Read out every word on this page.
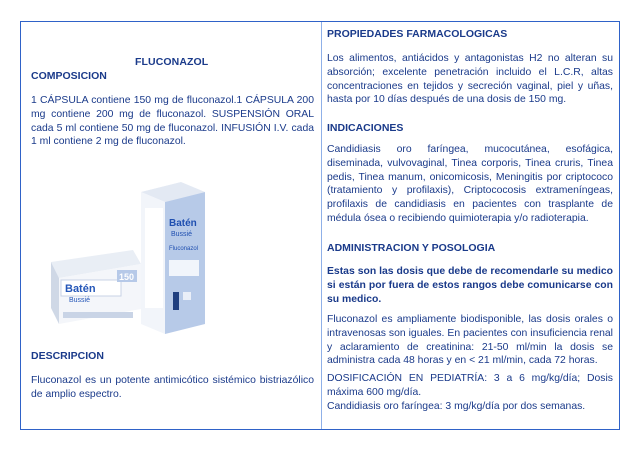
FLUCONAZOL
COMPOSICION
1 CÁPSULA contiene 150 mg de fluconazol.1 CÁPSULA 200 mg contiene 200 mg de fluconazol. SUSPENSIÓN ORAL cada 5 ml contiene 50 mg de fluconazol. INFUSIÓN I.V. cada 1 ml contiene 2 mg de fluconazol.
Batén
Bussié
150
Batén
Bussié
Fluconazol
DESCRIPCION
Fluconazol es un potente antimicótico sistémico bistriazólico de amplio espectro.
PROPIEDADES FARMACOLOGICAS
Los alimentos, antiácidos y antagonistas H2 no alteran su absorción; excelente penetración incluido el L.C.R, altas concentraciones en tejidos y secreción vaginal, piel y uñas, hasta por 10 días después de una dosis de 150 mg.
INDICACIONES
Candidiasis oro faríngea, mucocutánea, esofágica, diseminada, vulvovaginal, Tinea corporis, Tinea cruris, Tinea pedis, Tinea manum, onicomicosis, Meningitis por criptococo (tratamiento y profilaxis), Criptococosis extrameníngeas, profilaxis de candidiasis en pacientes con trasplante de médula ósea o recibiendo quimioterapia y/o radioterapia.
ADMINISTRACION Y POSOLOGIA
Estas son las dosis que debe de recomendarle su medico si están por fuera de estos rangos debe comunicarse con su medico.
Fluconazol es ampliamente biodisponible, las dosis orales o intravenosas son iguales. En pacientes con insuficiencia renal y aclaramiento de creatinina: 21-50 ml/min la dosis se administra cada 48 horas y en < 21 ml/min, cada 72 horas.
DOSIFICACIÓN EN PEDIATRÍA: 3 a 6 mg/kg/día; Dosis máxima 600 mg/día.
Candidiasis oro faríngea: 3 mg/kg/día por dos semanas.
